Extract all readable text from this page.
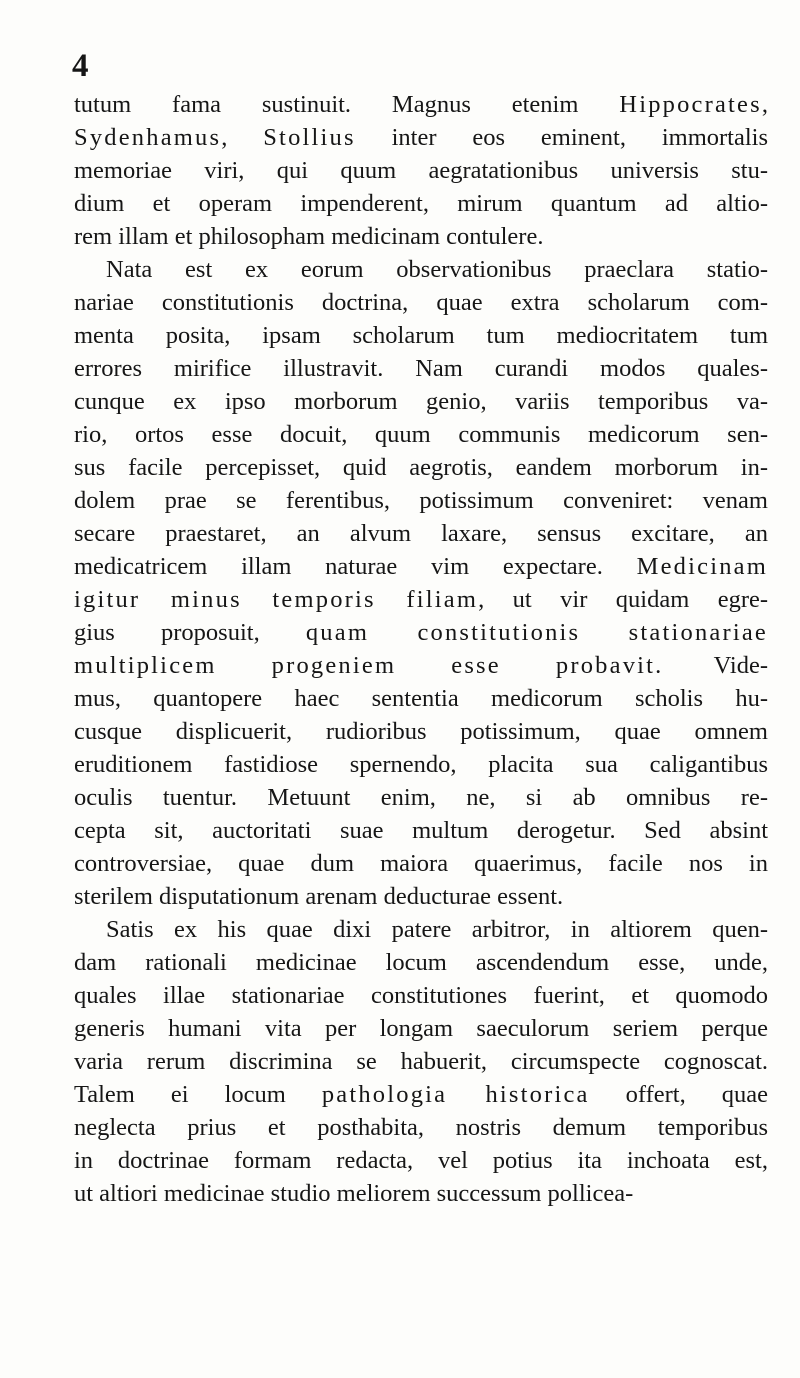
4
tutum fama sustinuit. Magnus etenim Hippocrates,
Sydenhamus, Stollius inter eos eminent, immortalis
memoriae viri, qui quum aegratationibus universis stu-
dium et operam impenderent, mirum quantum ad altio-
rem illam et philosopham medicinam contulere.
Nata est ex eorum observationibus praeclara statio-
nariae constitutionis doctrina, quae extra scholarum com-
menta posita, ipsam scholarum tum mediocritatem tum
errores mirifice illustravit. Nam curandi modos quales-
cunque ex ipso morborum genio, variis temporibus va-
rio, ortos esse docuit, quum communis medicorum sen-
sus facile percepisset, quid aegrotis, eandem morborum in-
dolem prae se ferentibus, potissimum conveniret: venam
secare praestaret, an alvum laxare, sensus excitare, an
medicatricem illam naturae vim expectare. Medicinam
igitur minus temporis filiam, ut vir quidam egre-
gius proposuit, quam constitutionis stationariae
multiplicem progeniem esse probavit. Vide-
mus, quantopere haec sententia medicorum scholis hu-
cusque displicuerit, rudioribus potissimum, quae omnem
eruditionem fastidiose spernendo, placita sua caligantibus
oculis tuentur. Metuunt enim, ne, si ab omnibus re-
cepta sit, auctoritati suae multum derogetur. Sed absint
controversiae, quae dum maiora quaerimus, facile nos in
sterilem disputationum arenam deducturae essent.
Satis ex his quae dixi patere arbitror, in altiorem quen-
dam rationali medicinae locum ascendendum esse, unde,
quales illae stationariae constitutiones fuerint, et quomodo
generis humani vita per longam saeculorum seriem perque
varia rerum discrimina se habuerit, circumspecte cognoscat.
Talem ei locum pathologia historica offert, quae
neglecta prius et posthabita, nostris demum temporibus
in doctrinae formam redacta, vel potius ita inchoata est,
ut altiori medicinae studio meliorem successum pollicea-
